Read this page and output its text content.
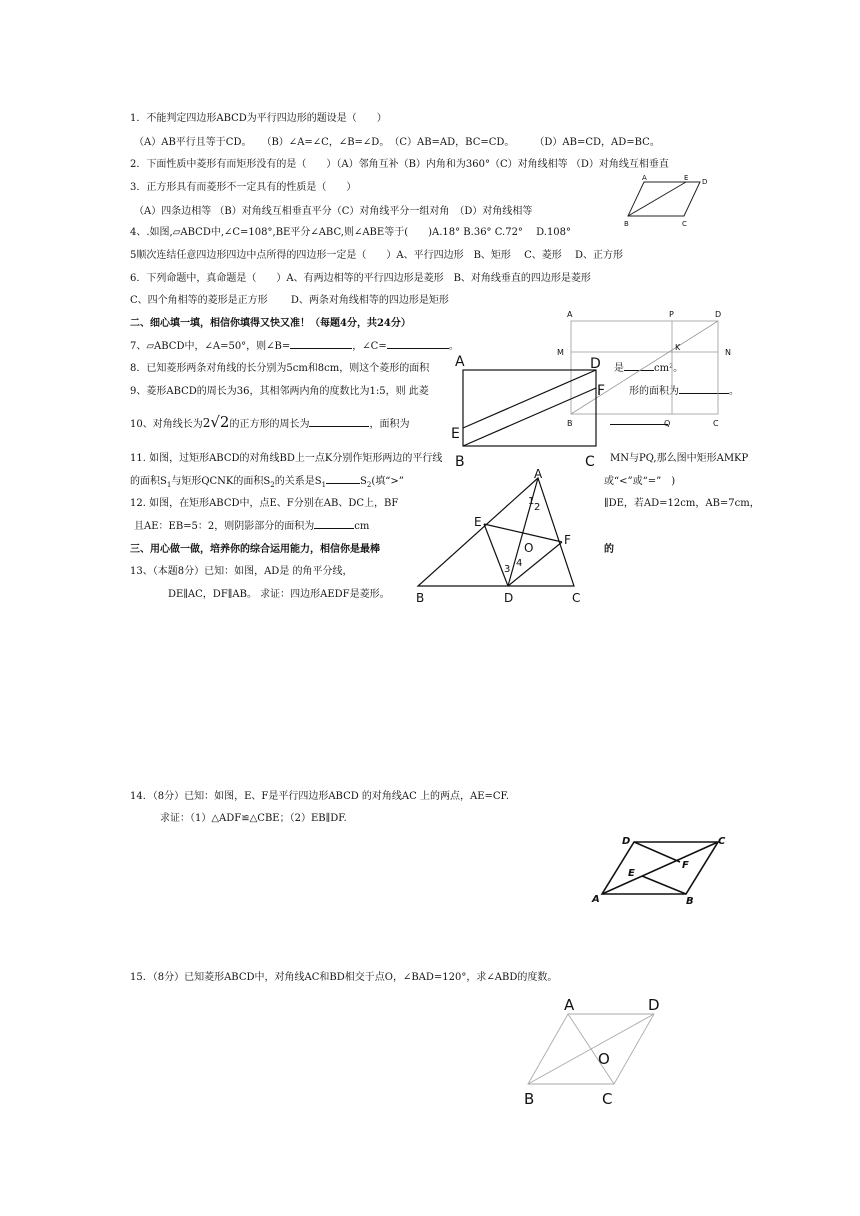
1．不能判定四边形ABCD为平行四边形的题设是（　　）
（A）AB平行且等于CD。　　（B）∠A=∠C，∠B=∠D。　（C）AB=AD，BC=CD。　　　（D）AB=CD，AD=BC。
2．下面性质中菱形有而矩形没有的是（　　）（A）邻角互补（B）内角和为360°（C）对角线相等 （D）对角线互相垂直
3．正方形具有而菱形不一定具有的性质是（　　）
（A）四条边相等 （B）对角线互相垂直平分（C）对角线平分一组对角　（D）对角线相等
4、.如图,▱ABCD中,∠C=108°,BE平分∠ABC,则∠ABE等于(　　)A.18° B.36° C.72°　 D.108°
5顺次连结任意四边形四边中点所得的四边形一定是（　　）A、平行四边形　B、矩形　 C、菱形　 D、正方形
6．下列命题中，真命题是（　　）A、有两边相等的平行四边形是菱形　B、对角线垂直的四边形是菱形
C、四个角相等的菱形是正方形　　 D、两条对角线相等的四边形是矩形
二、细心填一填，相信你填得又快又准！（每题4分，共24分）
7、▱ABCD中，∠A=50°，则∠B=	，∠C=	。
8．已知菱形两条对角线的长分别为5cm和8cm，则这个菱形的面积	是	cm²。
9、菱形ABCD的周长为36，其相邻两内角的度数比为1:5，则 此菱	形的面积为	。
10、对角线长为2√2的正方形的周长为	，面积为
11. 如图，过矩形ABCD的对角线BD上一点K分别作矩形两边的平行线	MN与PQ,那么图中矩形AMKP
的面积$S_1$与矩形QCNK的面积$S_2$的关系是$S_1$	$S_2$(填“>”	或“<”或“=”　)
12. 如图，在矩形ABCD中，点E、F分别在AB、DC上，BF	∥DE，若AD=12cm，AB=7cm，
且AE：EB=5：2，则阴影部分的面积为	cm
三、用心做一做，培养你的综合运用能力，相信你是最棒	的
13、（本题8分）已知：如图，AD是 的角平分线，
DE∥AC，DF∥AB。 求证：四边形AEDF是菱形。
14．（8分）已知：如图，E、F是平行四边形ABCD 的对角线AC 上的两点，AE=CF.
求证：（1）△ADF≌△CBE；（2）EB∥DF.
15．（8分）已知菱形ABCD中，对角线AC和BD相交于点O，∠BAD=120°，求∠ABD的度数。
A	E D
B	C
A	P	D
M
K
N
B	Q	C
A	D
F
E
B	C
A
1
2
E
O
F
3
4
B	D	C
D	C
F
E
A	B
A	D
O
B	C
